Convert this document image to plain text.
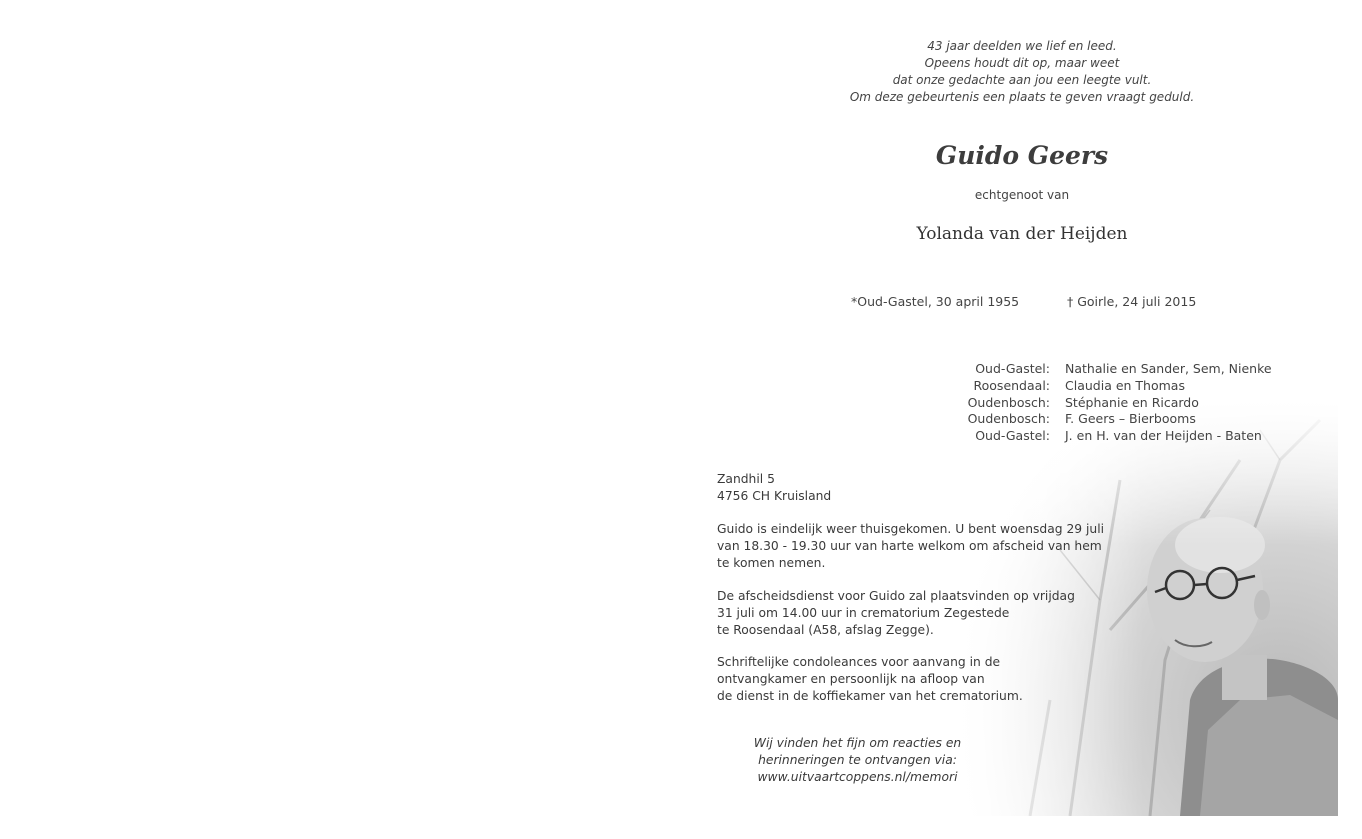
43 jaar deelden we lief en leed.
Opeens houdt dit op, maar weet
dat onze gedachte aan jou een leegte vult.
Om deze gebeurtenis een plaats te geven vraagt geduld.
Guido Geers
echtgenoot van
Yolanda van der Heijden
*Oud-Gastel, 30 april 1955	† Goirle, 24 juli 2015
Oud-Gastel: Nathalie en Sander, Sem, Nienke
Roosendaal: Claudia en Thomas
Oudenbosch: Stéphanie en Ricardo
Oudenbosch: F. Geers – Bierbooms
Oud-Gastel: J. en H. van der Heijden - Baten
Zandhil 5
4756 CH Kruisland
Guido is eindelijk weer thuisgekomen. U bent woensdag 29 juli
van 18.30 - 19.30 uur van harte welkom om afscheid van hem
te komen nemen.
De afscheidsdienst voor Guido zal plaatsvinden op vrijdag
31 juli om 14.00 uur in crematorium Zegestede
te Roosendaal (A58, afslag Zegge).
Schriftelijke condoleances voor aanvang in de
ontvangkamer en persoonlijk na afloop van
de dienst in de koffiekamer van het crematorium.
Wij vinden het fijn om reacties en
herinneringen te ontvangen via:
www.uitvaartcoppens.nl/memori
